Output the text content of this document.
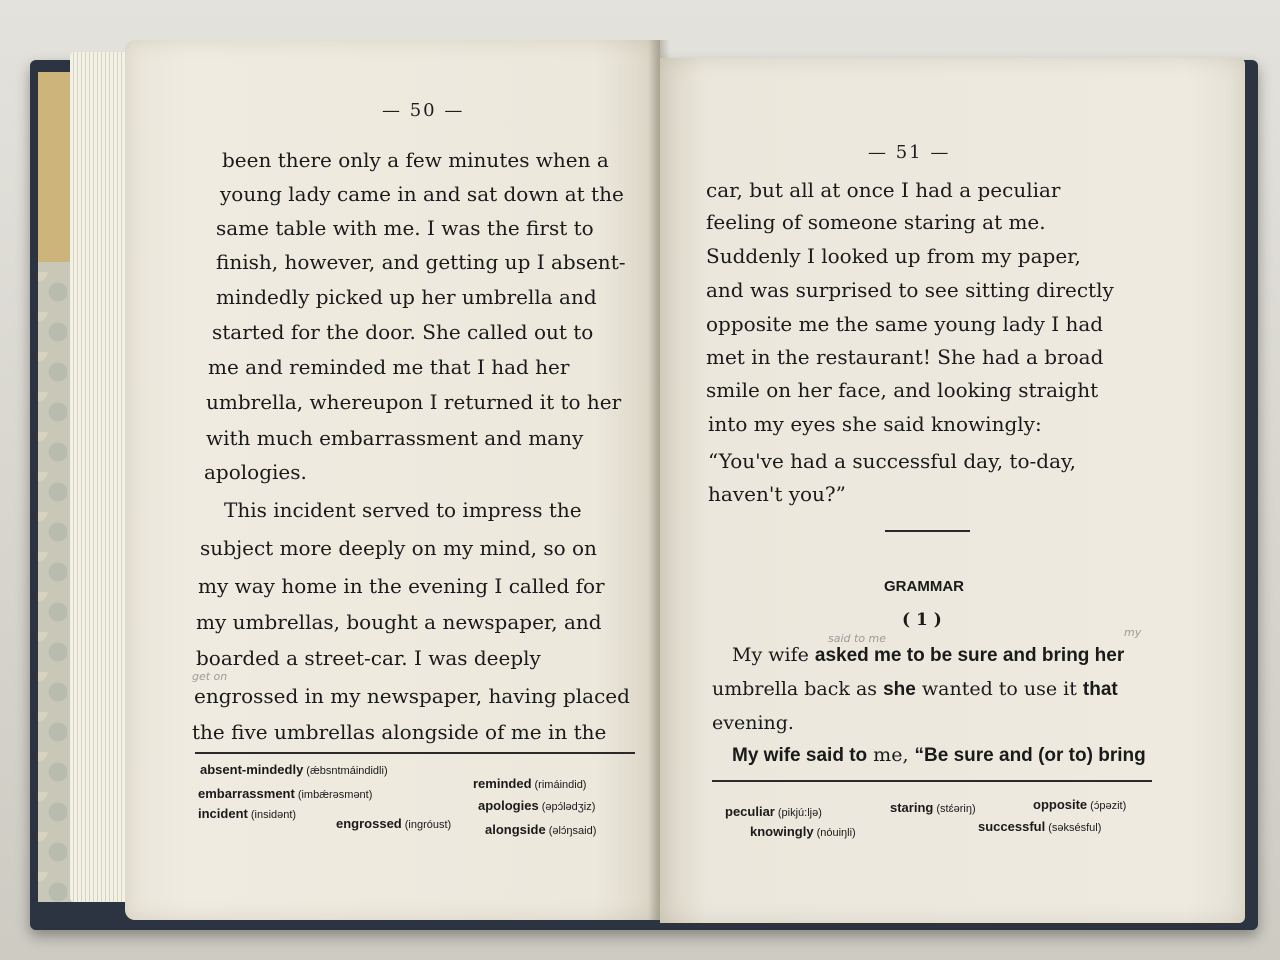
— 50 —
been there only a few minutes when a
young lady came in and sat down at the
same table with me. I was the first to
finish, however, and getting up I absent-
mindedly picked up her umbrella and
started for the door. She called out to
me and reminded me that I had her
umbrella, whereupon I returned it to her
with much embarrassment and many
apologies.
This incident served to impress the
subject more deeply on my mind, so on
my way home in the evening I called for
my umbrellas, bought a newspaper, and
boarded a street-car. I was deeply
engrossed in my newspaper, having placed
the five umbrellas alongside of me in the
absent-mindedly (ǽbsntmáindidli)
reminded (rimáindid)
embarrassment (imbǽrəsmənt)
apologies (əpɔ́lədʒiz)
incident (insidənt)
engrossed (ingróust)	alongside (əlɔ́ŋsaid)
get on
— 51 —
car, but all at once I had a peculiar
feeling of someone staring at me.
Suddenly I looked up from my paper,
and was surprised to see sitting directly
opposite me the same young lady I had
met in the restaurant! She had a broad
smile on her face, and looking straight
into my eyes she said knowingly:
“You've had a successful day, to-day,
haven't you?”
GRAMMAR
( 1 )
said to me	my
My wife asked me to be sure and bring her
umbrella back as she wanted to use it that
evening.
My wife said to me, “Be sure and (or to) bring
peculiar (pikjú:ljə)	staring (stɛ́əriŋ)	opposite (ɔ́pəzit)
knowingly (nóuiŋli)	successful (səksésful)
